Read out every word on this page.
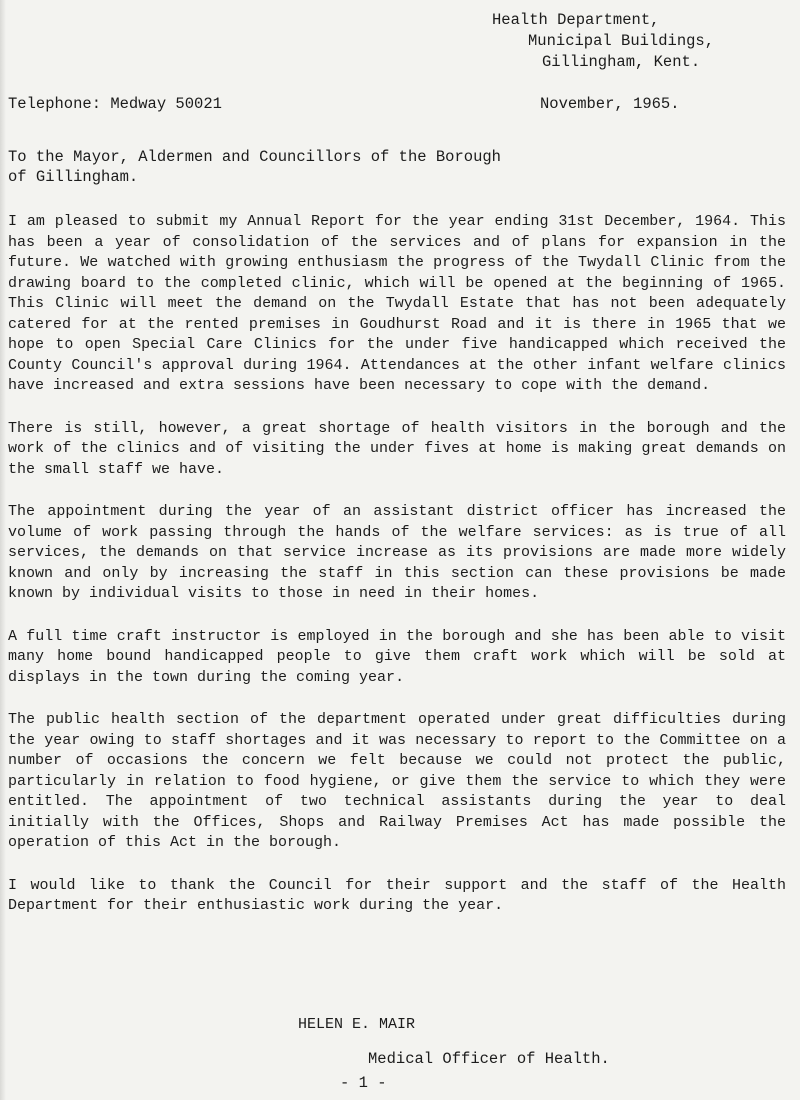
Health Department,
Municipal Buildings,
Gillingham, Kent.
Telephone: Medway 50021	November, 1965.
To the Mayor, Aldermen and Councillors of the Borough of Gillingham.

I am pleased to submit my Annual Report for the year ending 31st December, 1964. This has been a year of consolidation of the services and of plans for expansion in the future. We watched with growing enthusiasm the progress of the Twydall Clinic from the drawing board to the completed clinic, which will be opened at the beginning of 1965. This Clinic will meet the demand on the Twydall Estate that has not been adequately catered for at the rented premises in Goudhurst Road and it is there in 1965 that we hope to open Special Care Clinics for the under five handicapped which received the County Council's approval during 1964. Attendances at the other infant welfare clinics have increased and extra sessions have been necessary to cope with the demand.

There is still, however, a great shortage of health visitors in the borough and the work of the clinics and of visiting the under fives at home is making great demands on the small staff we have.

The appointment during the year of an assistant district officer has increased the volume of work passing through the hands of the welfare services: as is true of all services, the demands on that service increase as its provisions are made more widely known and only by increasing the staff in this section can these provisions be made known by individual visits to those in need in their homes.

A full time craft instructor is employed in the borough and she has been able to visit many home bound handicapped people to give them craft work which will be sold at displays in the town during the coming year.

The public health section of the department operated under great difficulties during the year owing to staff shortages and it was necessary to report to the Committee on a number of occasions the concern we felt because we could not protect the public, particularly in relation to food hygiene, or give them the service to which they were entitled. The appointment of two technical assistants during the year to deal initially with the Offices, Shops and Railway Premises Act has made possible the operation of this Act in the borough.

I would like to thank the Council for their support and the staff of the Health Department for their enthusiastic work during the year.

HELEN E. MAIR
Medical Officer of Health.
- 1 -
